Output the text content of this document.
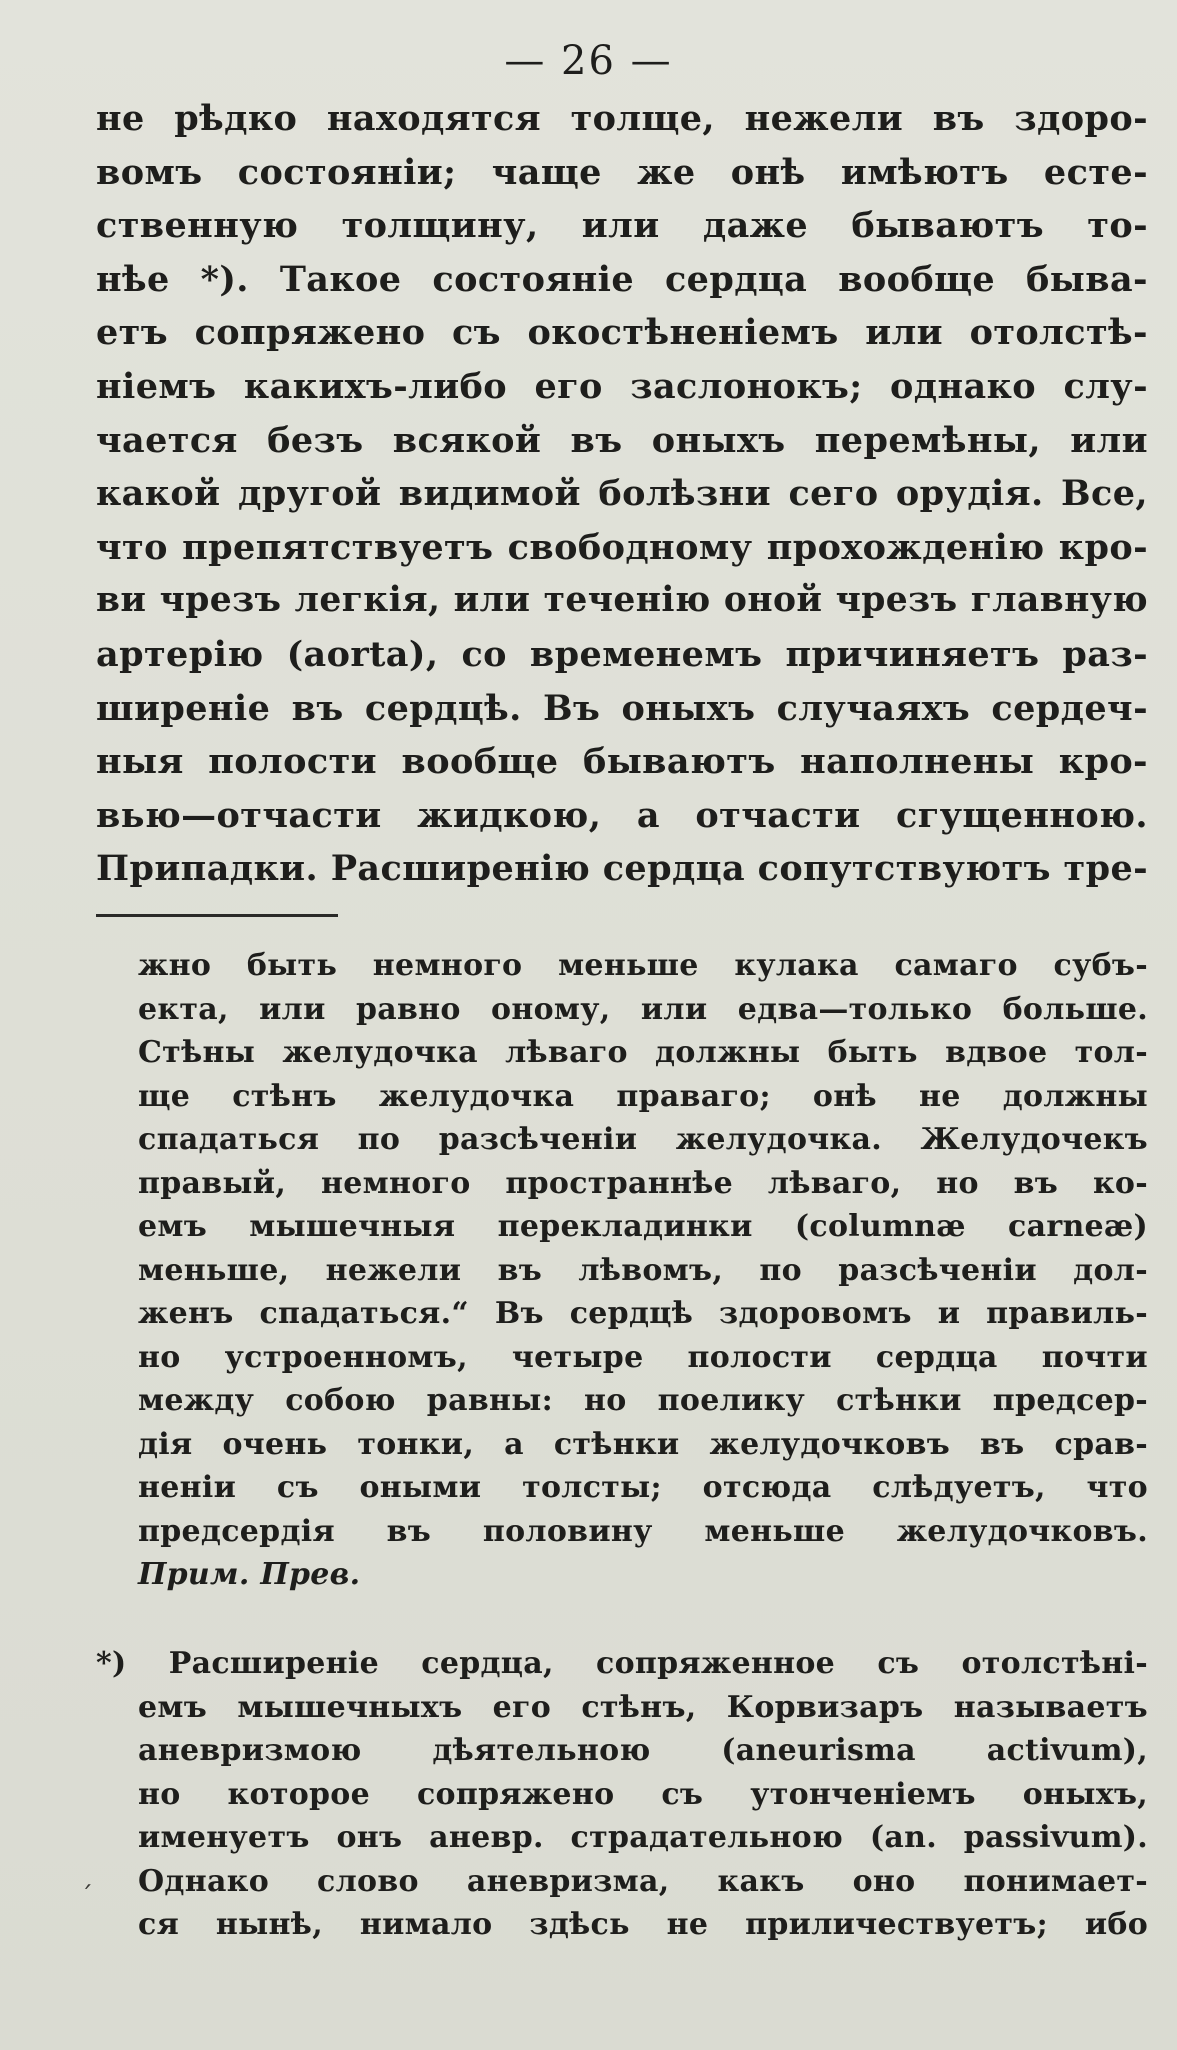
— 26 —
не рѣдко находятся толще, нежели въ здоро-
вомъ состояніи; чаще же онѣ имѣютъ есте-
ственную толщину, или даже бываютъ то-
нѣе *). Такое состояніе сердца вообще быва-
етъ сопряжено съ окостѣненіемъ или отолстѣ-
ніемъ какихъ-либо его заслонокъ; однако слу-
чается безъ всякой въ оныхъ перемѣны, или
какой другой видимой болѣзни сего орудія. Все,
что препятствуетъ свободному прохожденію кро-
ви чрезъ легкія, или теченію оной чрезъ главную
артерію (aorta), со временемъ причиняетъ раз-
ширеніе въ сердцѣ. Въ оныхъ случаяхъ сердеч-
ныя полости вообще бываютъ наполнены кро-
вью—отчасти жидкою, а отчасти сгущенною.
Припадки. Расширенію сердца сопутствуютъ тре-
жно быть немного меньше кулака самаго субъ-
екта, или равно оному, или едва—только больше.
Стѣны желудочка лѣваго должны быть вдвое тол-
ще стѣнъ желудочка праваго; онѣ не должны
спадаться по разсѣченіи желудочка. Желудочекъ
правый, немного пространнѣе лѣваго, но въ ко-
емъ мышечныя перекладинки (columnæ carneæ)
меньше, нежели въ лѣвомъ, по разсѣченіи дол-
женъ спадаться.“ Въ сердцѣ здоровомъ и правиль-
но устроенномъ, четыре полости сердца почти
между собою равны: но поелику стѣнки предсер-
дія очень тонки, а стѣнки желудочковъ въ срав-
неніи съ оными толсты; отсюда слѣдуетъ, что
предсердія въ половину меньше желудочковъ.
Прим. Прев.
*) Расширеніе сердца, сопряженное съ отолстѣні-
емъ мышечныхъ его стѣнъ, Корвизаръ называетъ
аневризмою дѣятельною (aneurisma activum),
но которое сопряжено съ утонченіемъ оныхъ,
именуетъ онъ аневр. страдательною (an. passivum).
Однако слово аневризма, какъ оно понимает-
ся нынѣ, нимало здѣсь не приличествуетъ; ибо
ˊ
